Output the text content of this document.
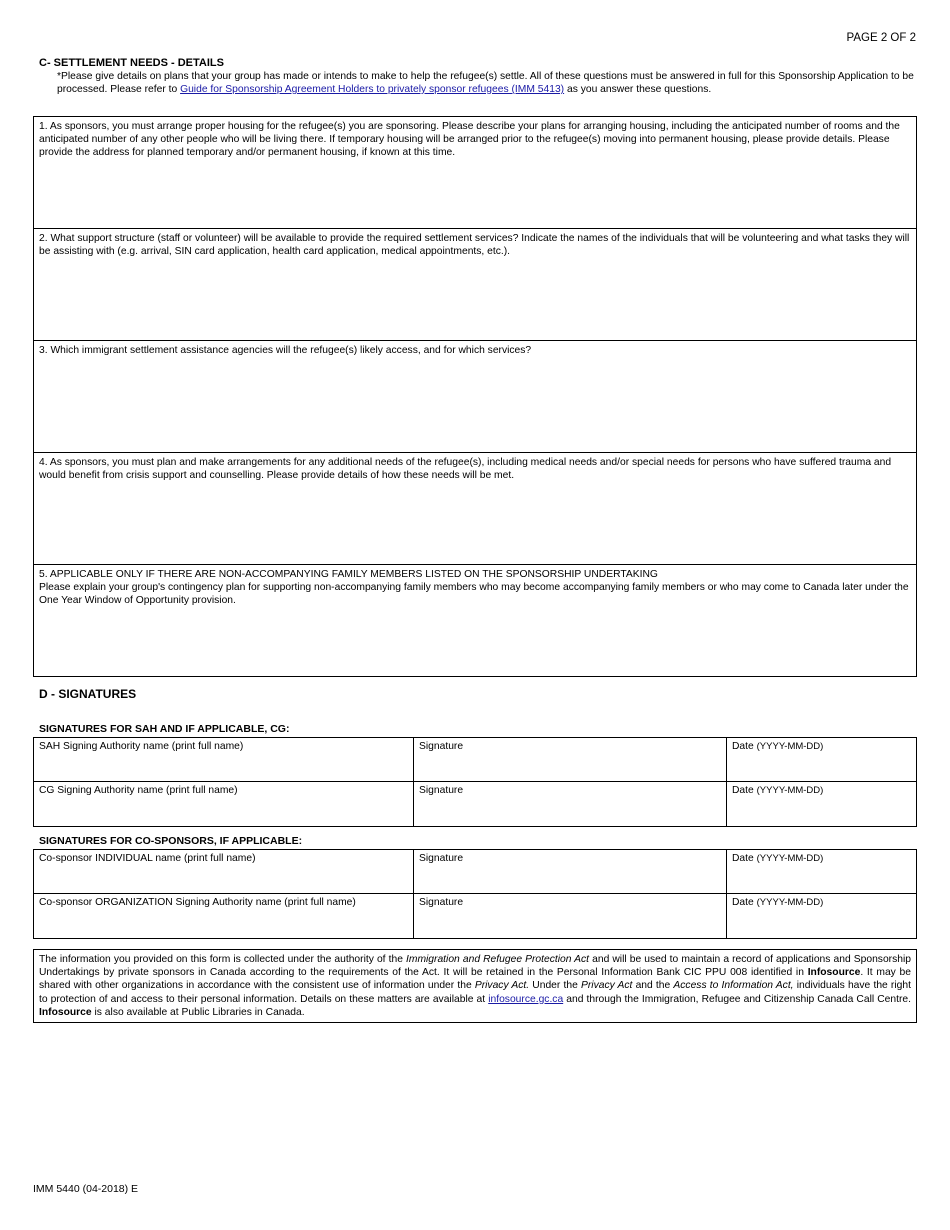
PAGE 2 OF 2
C- SETTLEMENT NEEDS - DETAILS
*Please give details on plans that your group has made or intends to make to help the refugee(s) settle. All of these questions must be answered in full for this Sponsorship Application to be processed. Please refer to Guide for Sponsorship Agreement Holders to privately sponsor refugees (IMM 5413) as you answer these questions.
1. As sponsors, you must arrange proper housing for the refugee(s) you are sponsoring. Please describe your plans for arranging housing, including the anticipated number of rooms and the anticipated number of any other people who will be living there. If temporary housing will be arranged prior to the refugee(s) moving into permanent housing, please provide details. Please provide the address for planned temporary and/or permanent housing, if known at this time.
2. What support structure (staff or volunteer) will be available to provide the required settlement services? Indicate the names of the individuals that will be volunteering and what tasks they will be assisting with (e.g. arrival, SIN card application, health card application, medical appointments, etc.).
3. Which immigrant settlement assistance agencies will the refugee(s) likely access, and for which services?
4. As sponsors, you must plan and make arrangements for any additional needs of the refugee(s), including medical needs and/or special needs for persons who have suffered trauma and would benefit from crisis support and counselling. Please provide details of how these needs will be met.
5. APPLICABLE ONLY IF THERE ARE NON-ACCOMPANYING FAMILY MEMBERS LISTED ON THE SPONSORSHIP UNDERTAKING
Please explain your group's contingency plan for supporting non-accompanying family members who may become accompanying family members or who may come to Canada later under the One Year Window of Opportunity provision.
D - SIGNATURES
SIGNATURES FOR SAH AND IF APPLICABLE, CG:
SAH Signing Authority name (print full name)	Signature	Date (YYYY-MM-DD)
CG Signing Authority name (print full name)	Signature	Date (YYYY-MM-DD)
SIGNATURES FOR CO-SPONSORS, IF APPLICABLE:
Co-sponsor INDIVIDUAL name (print full name)	Signature	Date (YYYY-MM-DD)
Co-sponsor ORGANIZATION Signing Authority name (print full name)	Signature	Date (YYYY-MM-DD)
The information you provided on this form is collected under the authority of the Immigration and Refugee Protection Act and will be used to maintain a record of applications and Sponsorship Undertakings by private sponsors in Canada according to the requirements of the Act. It will be retained in the Personal Information Bank CIC PPU 008 identified in Infosource. It may be shared with other organizations in accordance with the consistent use of information under the Privacy Act. Under the Privacy Act and the Access to Information Act, individuals have the right to protection of and access to their personal information. Details on these matters are available at infosource.gc.ca and through the Immigration, Refugee and Citizenship Canada Call Centre. Infosource is also available at Public Libraries in Canada.
IMM 5440 (04-2018) E
